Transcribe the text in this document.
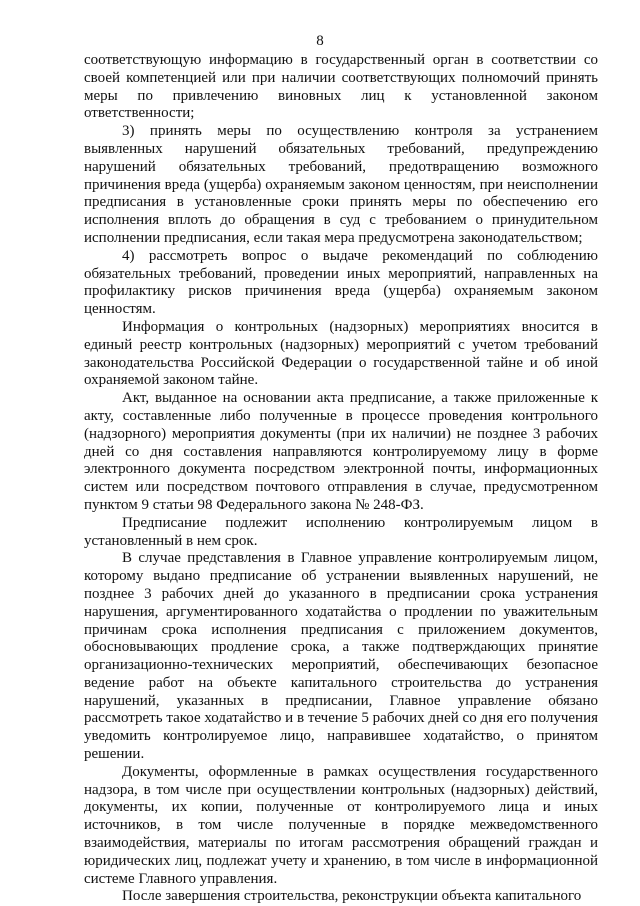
8

соответствующую информацию в государственный орган в соответствии со своей компетенцией или при наличии соответствующих полномочий принять меры по привлечению виновных лиц к установленной законом ответственности;

3) принять меры по осуществлению контроля за устранением выявленных нарушений обязательных требований, предупреждению нарушений обязательных требований, предотвращению возможного причинения вреда (ущерба) охраняемым законом ценностям, при неисполнении предписания в установленные сроки принять меры по обеспечению его исполнения вплоть до обращения в суд с требованием о принудительном исполнении предписания, если такая мера предусмотрена законодательством;

4) рассмотреть вопрос о выдаче рекомендаций по соблюдению обязательных требований, проведении иных мероприятий, направленных на профилактику рисков причинения вреда (ущерба) охраняемым законом ценностям.

Информация о контрольных (надзорных) мероприятиях вносится в единый реестр контрольных (надзорных) мероприятий с учетом требований законодательства Российской Федерации о государственной тайне и об иной охраняемой законом тайне.

Акт, выданное на основании акта предписание, а также приложенные к акту, составленные либо полученные в процессе проведения контрольного (надзорного) мероприятия документы (при их наличии) не позднее 3 рабочих дней со дня составления направляются контролируемому лицу в форме электронного документа посредством электронной почты, информационных систем или посредством почтового отправления в случае, предусмотренном пунктом 9 статьи 98 Федерального закона № 248-ФЗ.

Предписание подлежит исполнению контролируемым лицом в установленный в нем срок.

В случае представления в Главное управление контролируемым лицом, которому выдано предписание об устранении выявленных нарушений, не позднее 3 рабочих дней до указанного в предписании срока устранения нарушения, аргументированного ходатайства о продлении по уважительным причинам срока исполнения предписания с приложением документов, обосновывающих продление срока, а также подтверждающих принятие организационно-технических мероприятий, обеспечивающих безопасное ведение работ на объекте капитального строительства до устранения нарушений, указанных в предписании, Главное управление обязано рассмотреть такое ходатайство и в течение 5 рабочих дней со дня его получения уведомить контролируемое лицо, направившее ходатайство, о принятом решении.

Документы, оформленные в рамках осуществления государственного надзора, в том числе при осуществлении контрольных (надзорных) действий, документы, их копии, полученные от контролируемого лица и иных источников, в том числе полученные в порядке межведомственного взаимодействия, материалы по итогам рассмотрения обращений граждан и юридических лиц, подлежат учету и хранению, в том числе в информационной системе Главного управления.

После завершения строительства, реконструкции объекта капитального
